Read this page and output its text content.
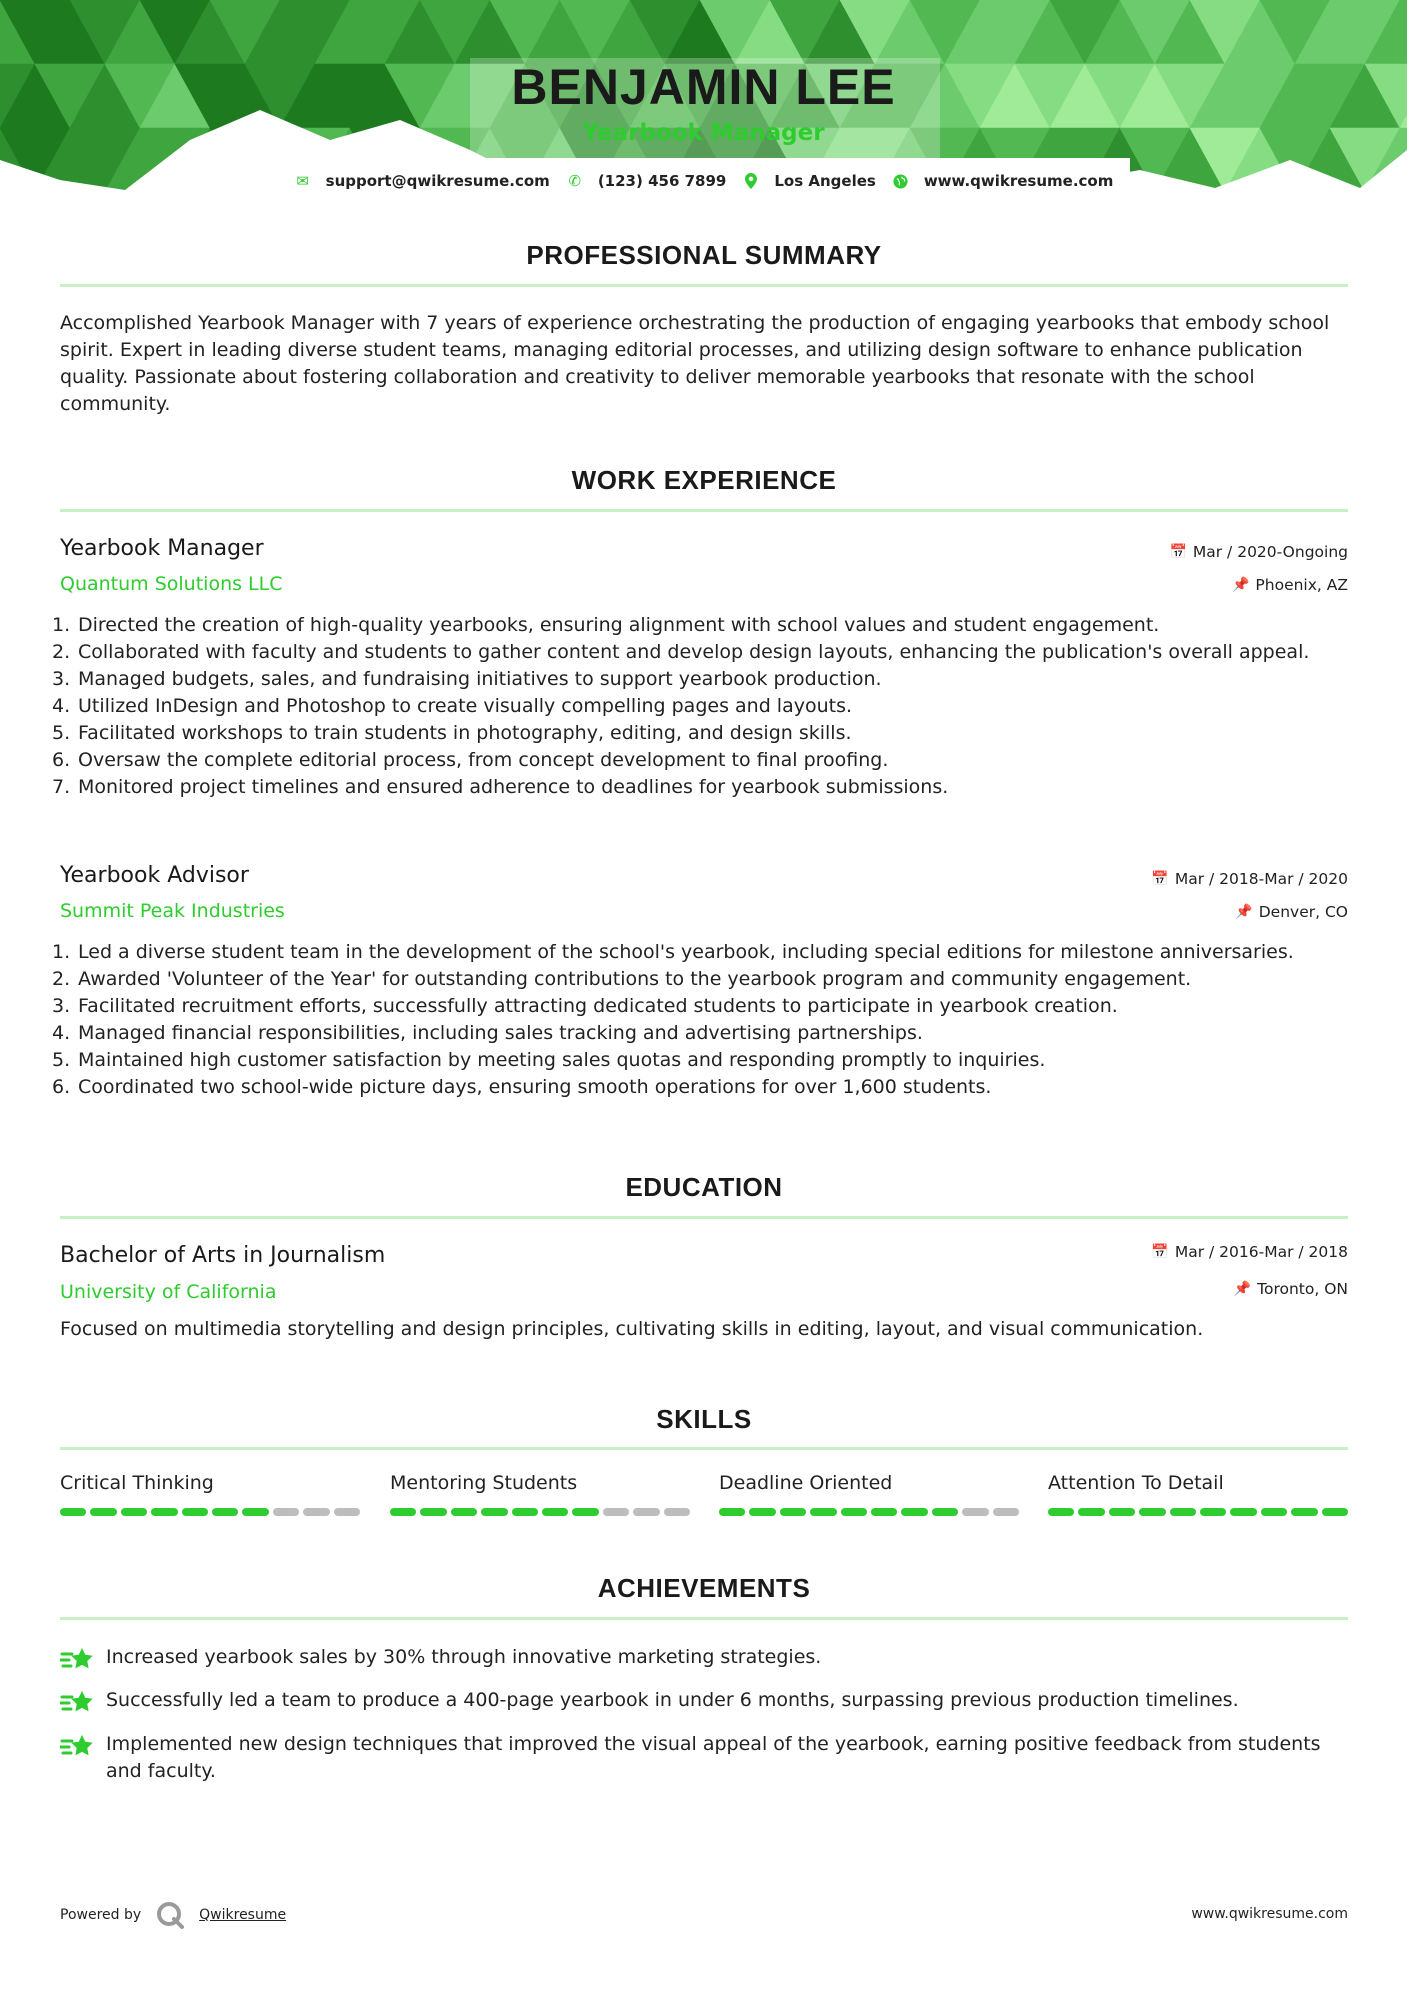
BENJAMIN LEE
Yearbook Manager
✉ support@qwikresume.com ✆ (123) 456 7899	Los Angeles	www.qwikresume.com
PROFESSIONAL SUMMARY
Accomplished Yearbook Manager with 7 years of experience orchestrating the production of engaging yearbooks that embody school spirit. Expert in leading diverse student teams, managing editorial processes, and utilizing design software to enhance publication quality. Passionate about fostering collaboration and creativity to deliver memorable yearbooks that resonate with the school community.
WORK EXPERIENCE
Yearbook Manager
Quantum Solutions LLC
📅 Mar / 2020-Ongoing
📌 Phoenix, AZ
Directed the creation of high-quality yearbooks, ensuring alignment with school values and student engagement.
Collaborated with faculty and students to gather content and develop design layouts, enhancing the publication's overall appeal.
Managed budgets, sales, and fundraising initiatives to support yearbook production.
Utilized InDesign and Photoshop to create visually compelling pages and layouts.
Facilitated workshops to train students in photography, editing, and design skills.
Oversaw the complete editorial process, from concept development to final proofing.
Monitored project timelines and ensured adherence to deadlines for yearbook submissions.
Yearbook Advisor
Summit Peak Industries
📅 Mar / 2018-Mar / 2020
📌 Denver, CO
Led a diverse student team in the development of the school's yearbook, including special editions for milestone anniversaries.
Awarded 'Volunteer of the Year' for outstanding contributions to the yearbook program and community engagement.
Facilitated recruitment efforts, successfully attracting dedicated students to participate in yearbook creation.
Managed financial responsibilities, including sales tracking and advertising partnerships.
Maintained high customer satisfaction by meeting sales quotas and responding promptly to inquiries.
Coordinated two school-wide picture days, ensuring smooth operations for over 1,600 students.
EDUCATION
Bachelor of Arts in Journalism
University of California
📅 Mar / 2016-Mar / 2018
📌 Toronto, ON
Focused on multimedia storytelling and design principles, cultivating skills in editing, layout, and visual communication.
SKILLS
Critical Thinking	Mentoring Students	Deadline Oriented	Attention To Detail
ACHIEVEMENTS
Increased yearbook sales by 30% through innovative marketing strategies.
Successfully led a team to produce a 400-page yearbook in under 6 months, surpassing previous production timelines.
Implemented new design techniques that improved the visual appeal of the yearbook, earning positive feedback from students and faculty.
Powered by	Qwikresume	www.qwikresume.com
